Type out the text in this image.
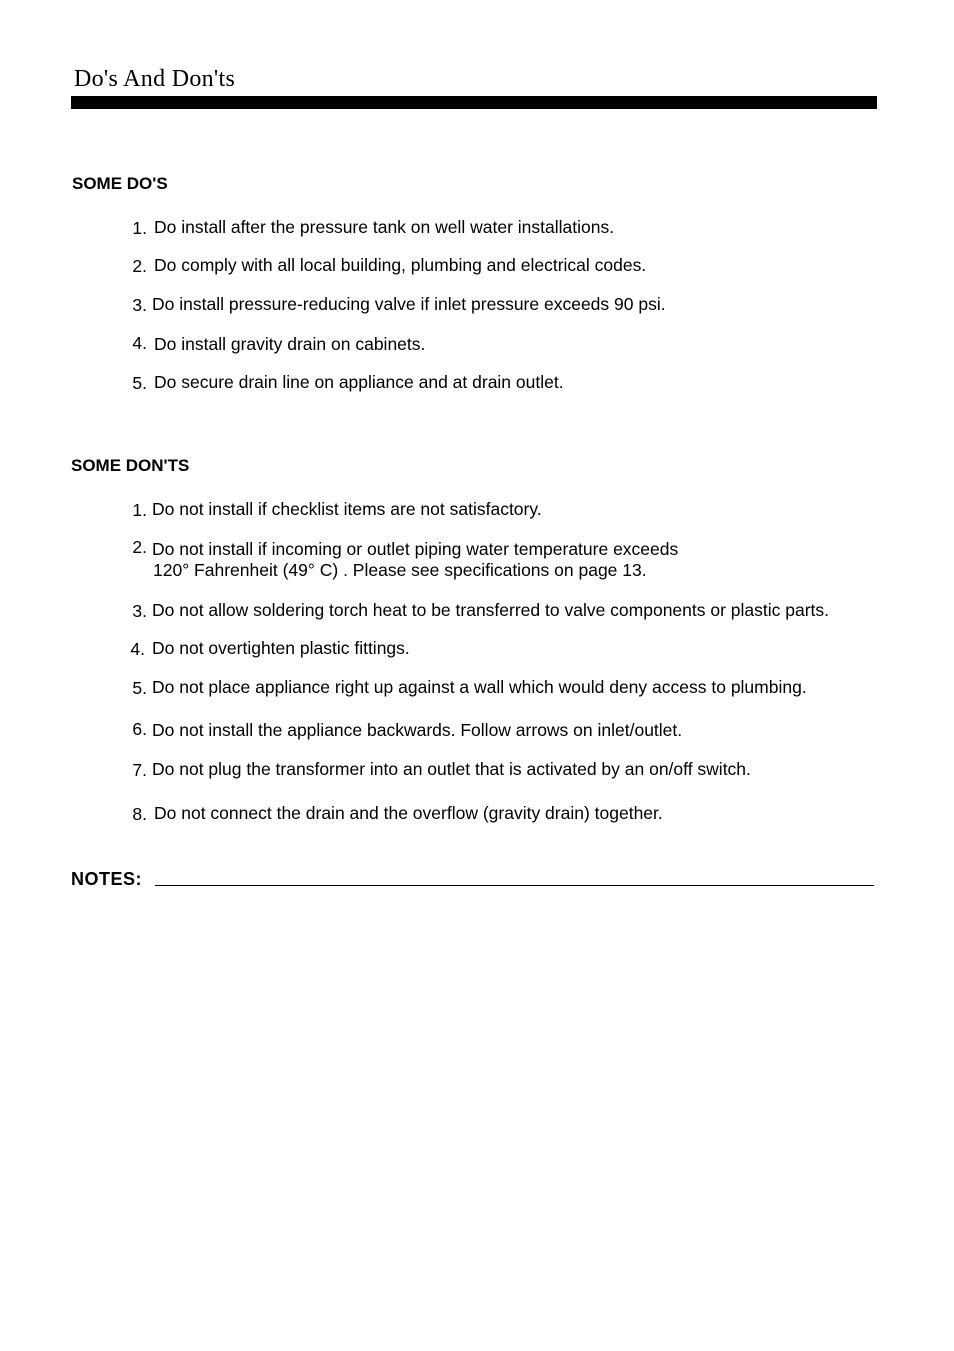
Do's And Don'ts
SOME DO'S
1. Do install after the pressure tank on well water installations.
2. Do comply with all local building, plumbing and electrical codes.
3. Do install pressure-reducing valve if inlet pressure exceeds 90 psi.
4. Do install gravity drain on cabinets.
5. Do secure drain line on appliance and at drain outlet.
SOME DON'TS
1. Do not install if checklist items are not satisfactory.
2. Do not install if incoming or outlet piping water temperature exceeds
120° Fahrenheit (49° C) . Please see specifications on page 13.
3. Do not allow soldering torch heat to be transferred to valve components or plastic parts.
4. Do not overtighten plastic fittings.
5. Do not place appliance right up against a wall which would deny access to plumbing.
6. Do not install the appliance backwards. Follow arrows on inlet/outlet.
7. Do not plug the transformer into an outlet that is activated by an on/off switch.
8. Do not connect the drain and the overflow (gravity drain) together.
NOTES:
